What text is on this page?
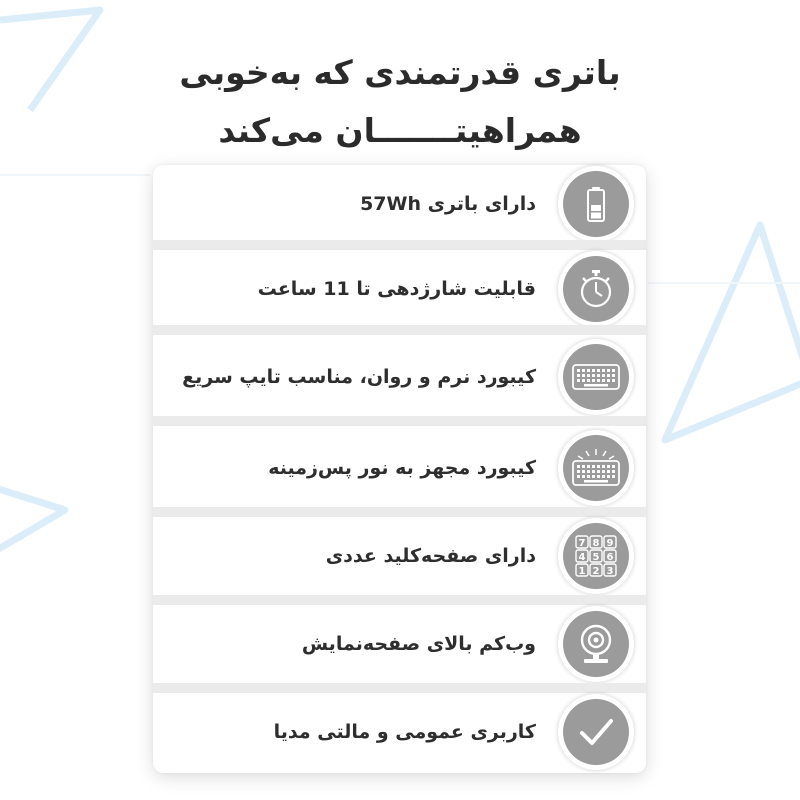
باتری قدرتمندی که به‌خوبی
همراهیتـــــــان می‌کند
دارای باتری 57Wh
قابلیت شارژدهی تا 11 ساعت
کیبورد نرم و روان، مناسب تایپ سریع
کیبورد مجهز به نور پس‌زمینه
دارای صفحه‌کلید عددی
7 8 9
4 5 6
1 2 3
وب‌کم بالای صفحه‌نمایش
کاربری عمومی و مالتی مدیا
